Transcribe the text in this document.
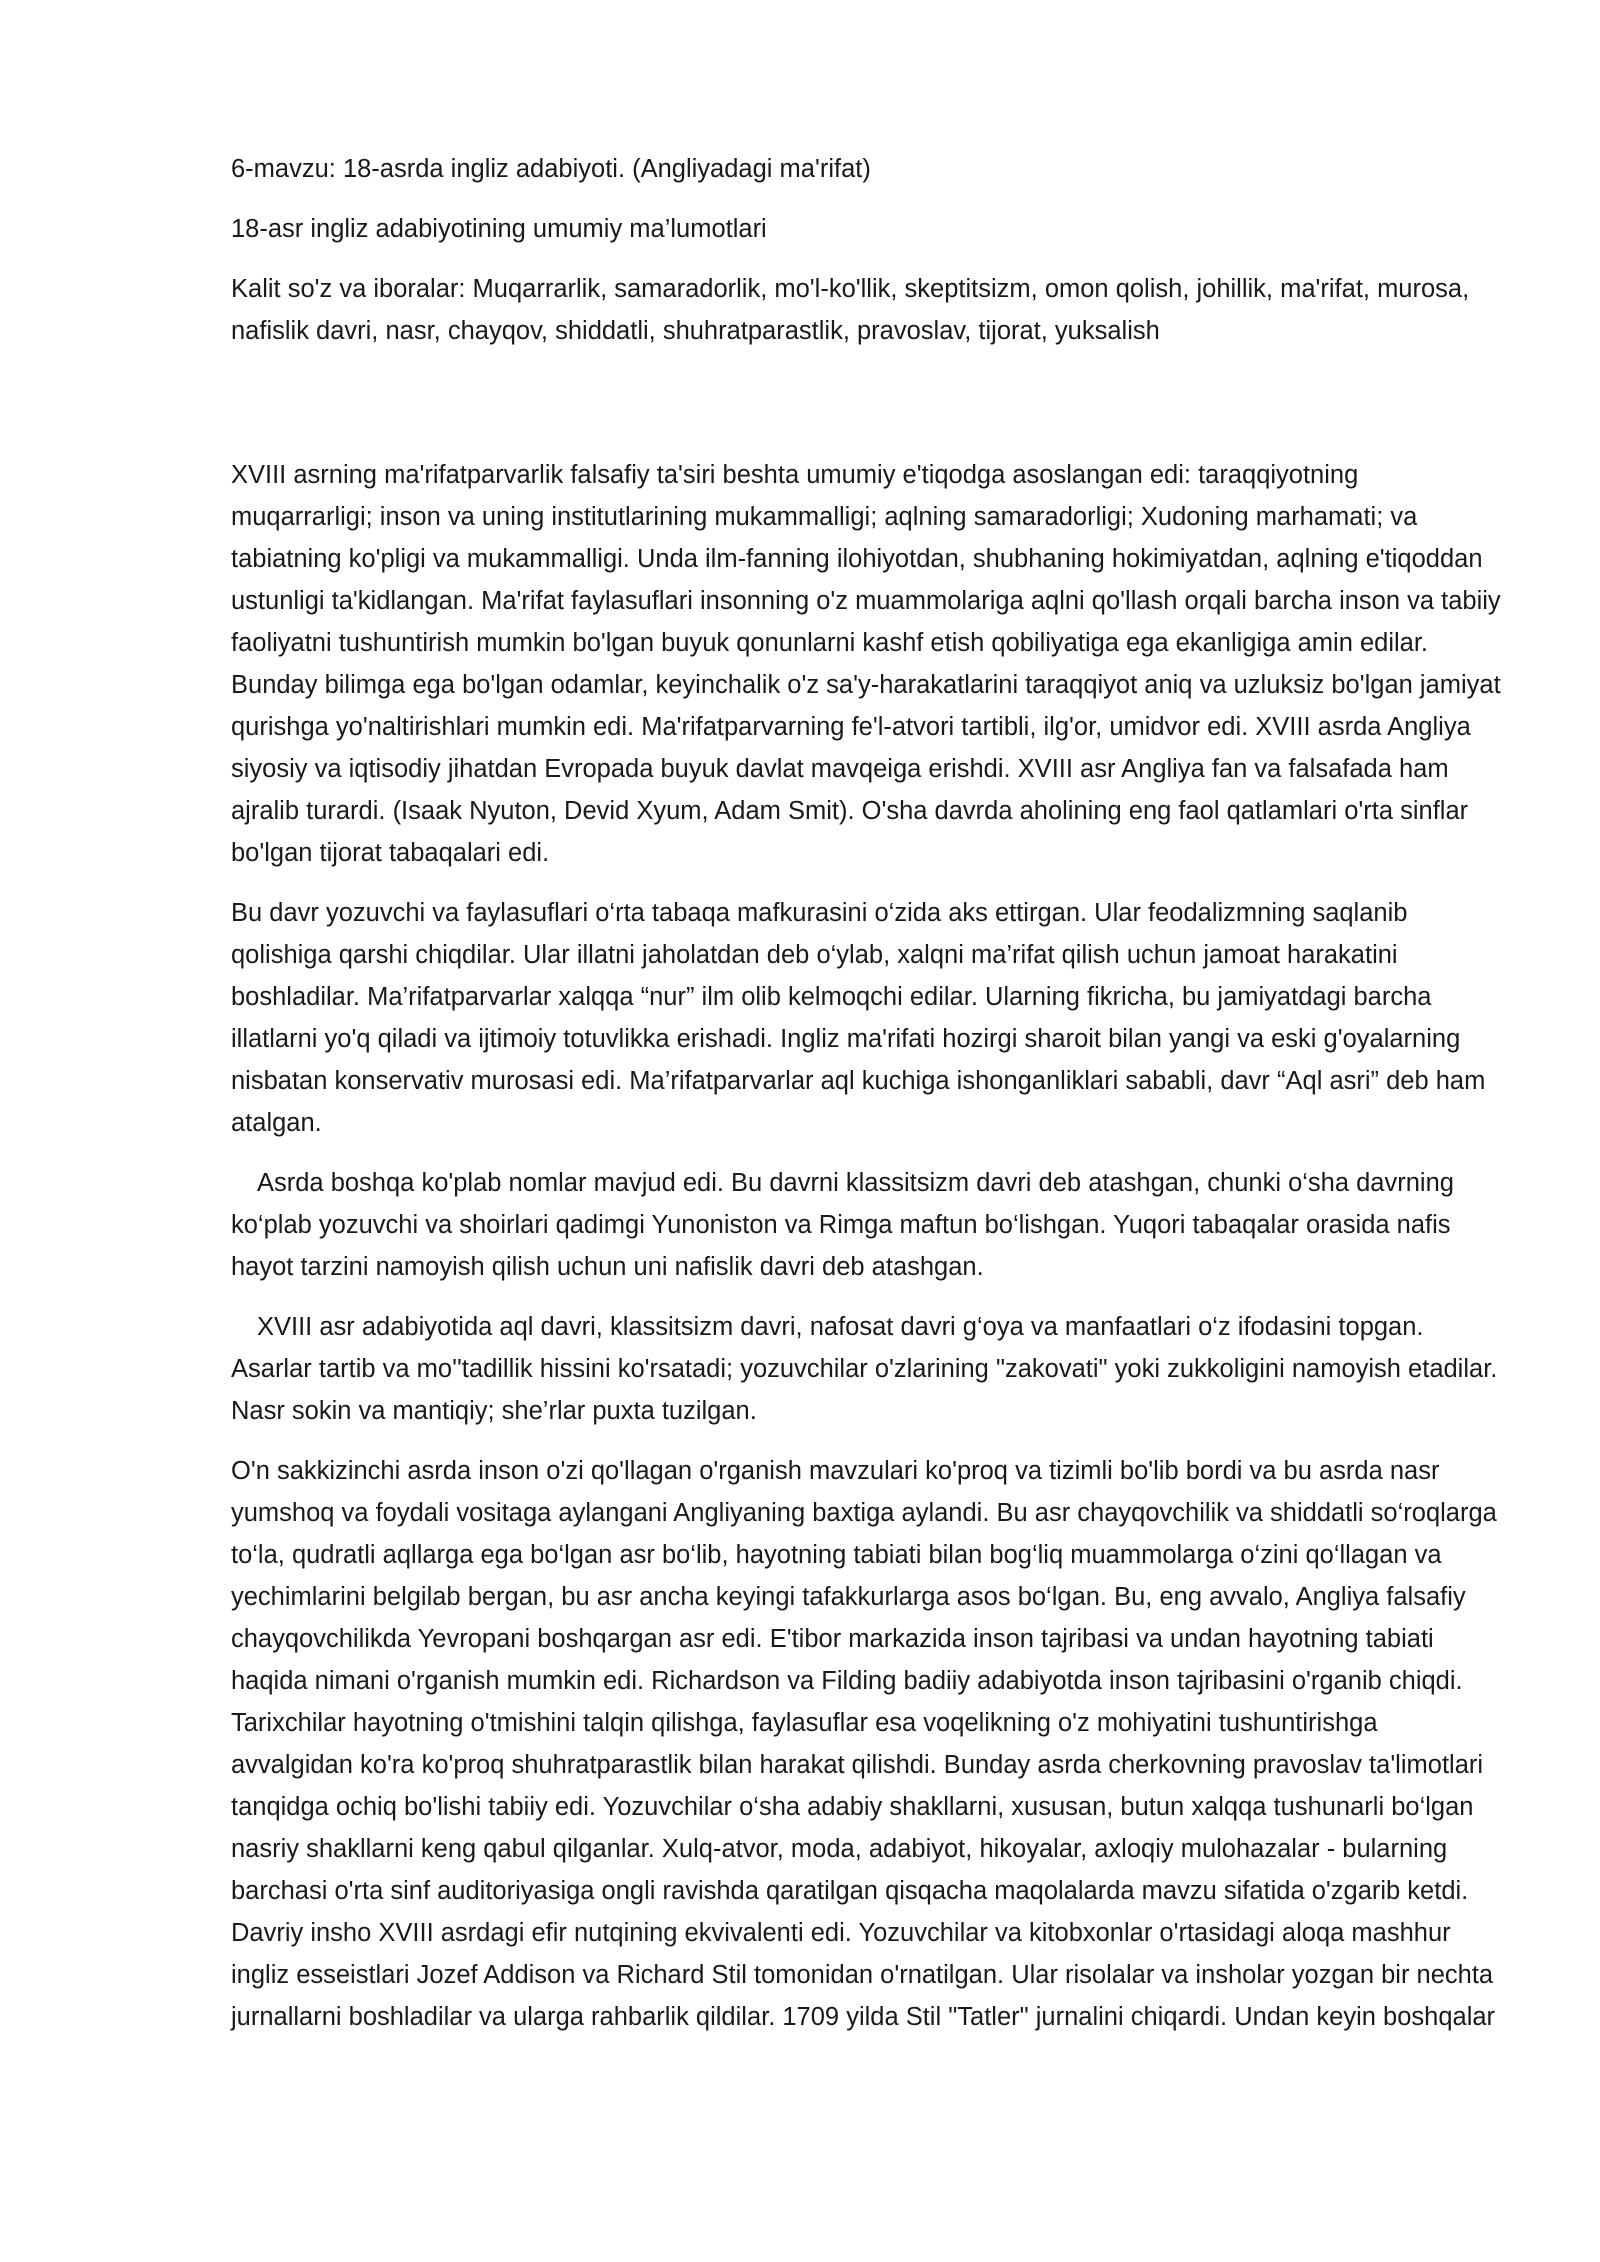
6-mavzu: 18-asrda ingliz adabiyoti. (Angliyadagi ma'rifat)

18-asr ingliz adabiyotining umumiy ma’lumotlari

Kalit so'z va iboralar: Muqarrarlik, samaradorlik, mo'l-ko'llik, skeptitsizm, omon qolish, johillik, ma'rifat, murosa, nafislik davri, nasr, chayqov, shiddatli, shuhratparastlik, pravoslav, tijorat, yuksalish

XVIII asrning ma'rifatparvarlik falsafiy ta'siri beshta umumiy e'tiqodga asoslangan edi: taraqqiyotning muqarrarligi; inson va uning institutlarining mukammalligi; aqlning samaradorligi; Xudoning marhamati; va tabiatning ko'pligi va mukammalligi. Unda ilm-fanning ilohiyotdan, shubhaning hokimiyatdan, aqlning e'tiqoddan ustunligi ta'kidlangan. Ma'rifat faylasuflari insonning o'z muammolariga aqlni qo'llash orqali barcha inson va tabiiy faoliyatni tushuntirish mumkin bo'lgan buyuk qonunlarni kashf etish qobiliyatiga ega ekanligiga amin edilar. Bunday bilimga ega bo'lgan odamlar, keyinchalik o'z sa'y-harakatlarini taraqqiyot aniq va uzluksiz bo'lgan jamiyat qurishga yo'naltirishlari mumkin edi. Ma'rifatparvarning fe'l-atvori tartibli, ilg'or, umidvor edi. XVIII asrda Angliya siyosiy va iqtisodiy jihatdan Evropada buyuk davlat mavqeiga erishdi. XVIII asr Angliya fan va falsafada ham ajralib turardi. (Isaak Nyuton, Devid Xyum, Adam Smit). O'sha davrda aholining eng faol qatlamlari o'rta sinflar bo'lgan tijorat tabaqalari edi.

Bu davr yozuvchi va faylasuflari o‘rta tabaqa mafkurasini o‘zida aks ettirgan. Ular feodalizmning saqlanib qolishiga qarshi chiqdilar. Ular illatni jaholatdan deb o‘ylab, xalqni ma’rifat qilish uchun jamoat harakatini boshladilar. Ma’rifatparvarlar xalqqa “nur” ilm olib kelmoqchi edilar. Ularning fikricha, bu jamiyatdagi barcha illatlarni yo'q qiladi va ijtimoiy totuvlikka erishadi. Ingliz ma'rifati hozirgi sharoit bilan yangi va eski g'oyalarning nisbatan konservativ murosasi edi. Ma’rifatparvarlar aql kuchiga ishonganliklari sababli, davr “Aql asri” deb ham atalgan.

Asrda boshqa ko'plab nomlar mavjud edi. Bu davrni klassitsizm davri deb atashgan, chunki o‘sha davrning ko‘plab yozuvchi va shoirlari qadimgi Yunoniston va Rimga maftun bo‘lishgan. Yuqori tabaqalar orasida nafis hayot tarzini namoyish qilish uchun uni nafislik davri deb atashgan.

XVIII asr adabiyotida aql davri, klassitsizm davri, nafosat davri g‘oya va manfaatlari o‘z ifodasini topgan. Asarlar tartib va mo''tadillik hissini ko'rsatadi; yozuvchilar o'zlarining "zakovati" yoki zukkoligini namoyish etadilar. Nasr sokin va mantiqiy; she’rlar puxta tuzilgan.

O'n sakkizinchi asrda inson o'zi qo'llagan o'rganish mavzulari ko'proq va tizimli bo'lib bordi va bu asrda nasr yumshoq va foydali vositaga aylangani Angliyaning baxtiga aylandi. Bu asr chayqovchilik va shiddatli so‘roqlarga to‘la, qudratli aqllarga ega bo‘lgan asr bo‘lib, hayotning tabiati bilan bog‘liq muammolarga o‘zini qo‘llagan va yechimlarini belgilab bergan, bu asr ancha keyingi tafakkurlarga asos bo‘lgan. Bu, eng avvalo, Angliya falsafiy chayqovchilikda Yevropani boshqargan asr edi. E'tibor markazida inson tajribasi va undan hayotning tabiati haqida nimani o'rganish mumkin edi. Richardson va Filding badiiy adabiyotda inson tajribasini o'rganib chiqdi. Tarixchilar hayotning o'tmishini talqin qilishga, faylasuflar esa voqelikning o'z mohiyatini tushuntirishga avvalgidan ko'ra ko'proq shuhratparastlik bilan harakat qilishdi. Bunday asrda cherkovning pravoslav ta'limotlari tanqidga ochiq bo'lishi tabiiy edi. Yozuvchilar o‘sha adabiy shakllarni, xususan, butun xalqqa tushunarli bo‘lgan nasriy shakllarni keng qabul qilganlar. Xulq-atvor, moda, adabiyot, hikoyalar, axloqiy mulohazalar - bularning barchasi o'rta sinf auditoriyasiga ongli ravishda qaratilgan qisqacha maqolalarda mavzu sifatida o'zgarib ketdi. Davriy insho XVIII asrdagi efir nutqining ekvivalenti edi. Yozuvchilar va kitobxonlar o'rtasidagi aloqa mashhur ingliz esseistlari Jozef Addison va Richard Stil tomonidan o'rnatilgan. Ular risolalar va insholar yozgan bir nechta jurnallarni boshladilar va ularga rahbarlik qildilar. 1709 yilda Stil "Tatler" jurnalini chiqardi. Undan keyin boshqalar
